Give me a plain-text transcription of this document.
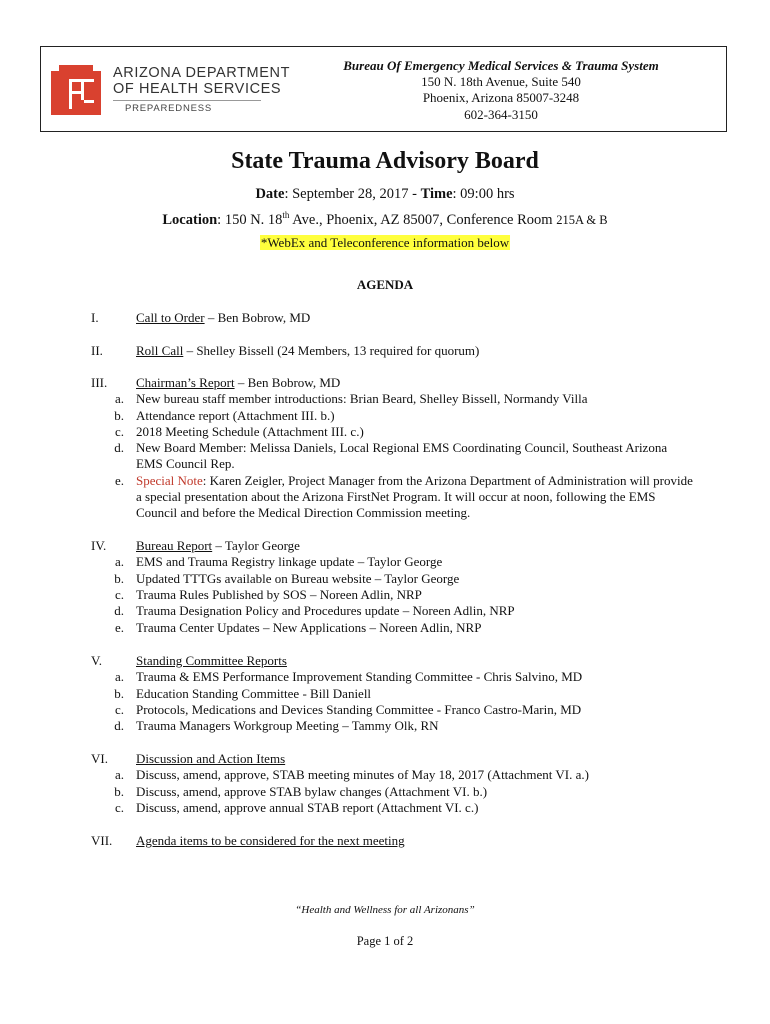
ARIZONA DEPARTMENT
OF HEALTH SERVICES
PREPAREDNESS
Bureau Of Emergency Medical Services & Trauma System
150 N. 18th Avenue, Suite 540
Phoenix, Arizona 85007-3248
602-364-3150
State Trauma Advisory Board
Date: September 28, 2017 - Time: 09:00 hrs
Location: 150 N. 18th Ave., Phoenix, AZ 85007, Conference Room 215A & B
*WebEx and Teleconference information below
AGENDA
I.	Call to Order – Ben Bobrow, MD
II.	Roll Call – Shelley Bissell (24 Members, 13 required for quorum)
III. Chairman’s Report – Ben Bobrow, MD
a. New bureau staff member introductions: Brian Beard, Shelley Bissell, Normandy Villa
b. Attendance report (Attachment III. b.)
c. 2018 Meeting Schedule (Attachment III. c.)
d. New Board Member: Melissa Daniels, Local Regional EMS Coordinating Council, Southeast Arizona EMS Council Rep.
e. Special Note: Karen Zeigler, Project Manager from the Arizona Department of Administration will provide a special presentation about the Arizona FirstNet Program. It will occur at noon, following the EMS Council and before the Medical Direction Commission meeting.
IV. Bureau Report – Taylor George
a. EMS and Trauma Registry linkage update – Taylor George
b. Updated TTTGs available on Bureau website – Taylor George
c. Trauma Rules Published by SOS – Noreen Adlin, NRP
d. Trauma Designation Policy and Procedures update – Noreen Adlin, NRP
e. Trauma Center Updates – New Applications – Noreen Adlin, NRP
V.	Standing Committee Reports
a. Trauma & EMS Performance Improvement Standing Committee - Chris Salvino, MD
b. Education Standing Committee - Bill Daniell
c. Protocols, Medications and Devices Standing Committee - Franco Castro-Marin, MD
d. Trauma Managers Workgroup Meeting – Tammy Olk, RN
VI. Discussion and Action Items
a. Discuss, amend, approve, STAB meeting minutes of May 18, 2017 (Attachment VI. a.)
b. Discuss, amend, approve STAB bylaw changes (Attachment VI. b.)
c. Discuss, amend, approve annual STAB report (Attachment VI. c.)
VII. Agenda items to be considered for the next meeting
“Health and Wellness for all Arizonans”
Page 1 of 2
